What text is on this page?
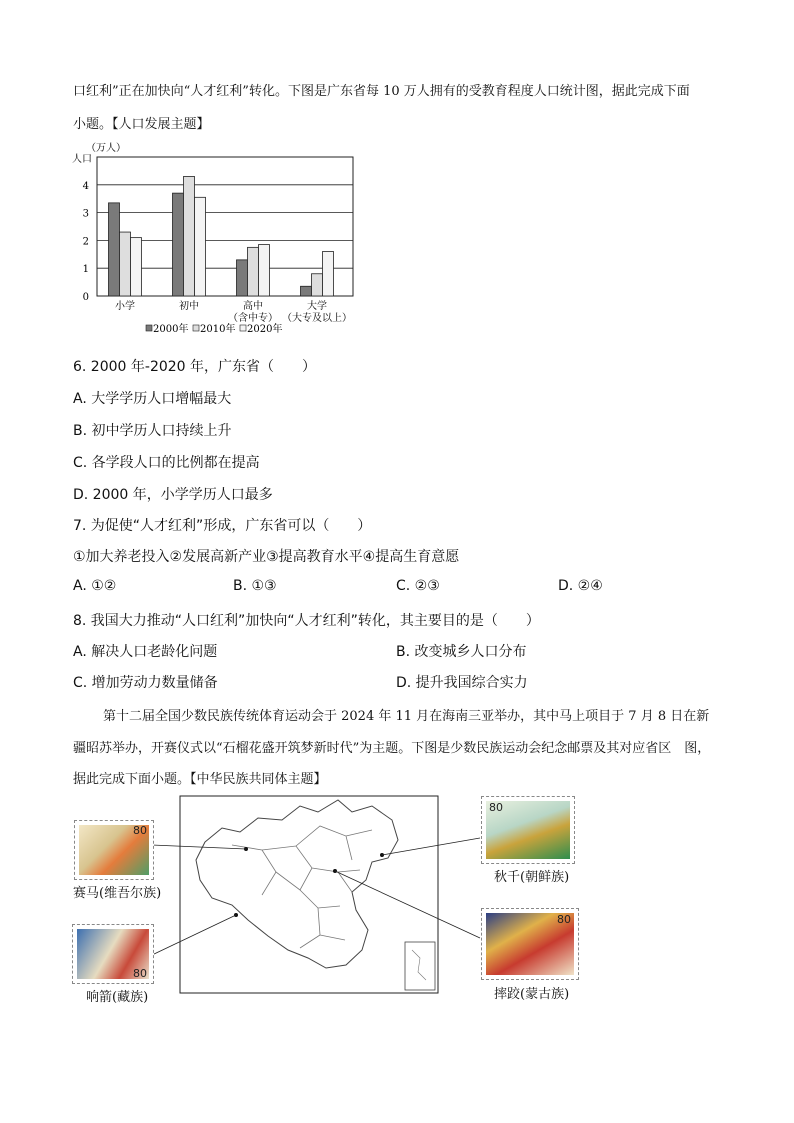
口红利”正在加快向“人才红利”转化。下图是广东省每 10 万人拥有的受教育程度人口统计图，据此完成下面
小题。【人口发展主题】
（万人）
人口
0
1
2
3
4
小学	初中	高中
（含中专）
大学
（大专及以上）
2000年 2010年 2020年
6. 2000 年-2020 年，广东省（　　）
A. 大学学历人口增幅最大
B. 初中学历人口持续上升
C. 各学段人口的比例都在提高
D. 2000 年，小学学历人口最多
7. 为促使“人才红利”形成，广东省可以（　　）
①加大养老投入②发展高新产业③提高教育水平④提高生育意愿
A. ①②	B. ①③	C. ②③	D. ②④
8. 我国大力推动“人口红利”加快向“人才红利”转化，其主要目的是（　　）
A. 解决人口老龄化问题	B. 改变城乡人口分布
C. 增加劳动力数量储备	D. 提升我国综合实力
第十二届全国少数民族传统体育运动会于 2024 年 11 月在海南三亚举办，其中马上项目于 7 月 8 日在新
疆昭苏举办，开赛仪式以“石榴花盛开筑梦新时代”为主题。下图是少数民族运动会纪念邮票及其对应省区　图，
据此完成下面小题。【中华民族共同体主题】
80
赛马(维吾尔族)
80
秋千(朝鲜族)
80
响箭(藏族)
80
摔跤(蒙古族)
